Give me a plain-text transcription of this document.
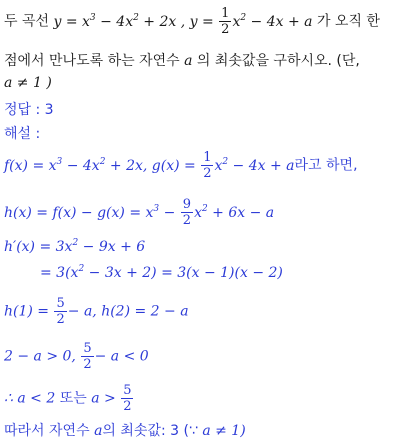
두 곡선 $y = x^3 - 4x^2 + 2x$ , $y = \frac{1}{2} x^2 - 4x + a$ 가 오직 한
점에서 만나도록 하는 자연수 a 의 최솟값을 구하시오. (단,
a ≠ 1 )
정답 : 3
해설 :
$f(x) = x^3 - 4x^2 + 2x$, $g(x) = \frac{1}{2} x^2 - 4x + a$라고 하면,
$h(x) = f(x) - g(x) = x^3 - \frac{9}{2} x^2 + 6x - a$
$h'(x) = 3x^2 - 9x + 6$
= $3(x^2 - 3x + 2) = 3(x - 1)(x - 2)$
$h(1) = \frac{5}{2} - a$, h(2) = 2 − a
2 − a > 0, $\frac{5}{2} - a < 0$
∴ a < 2 또는 $a > \frac{5}{2}$
따라서 자연수 a의 최솟값: 3 (∵ a ≠ 1)
